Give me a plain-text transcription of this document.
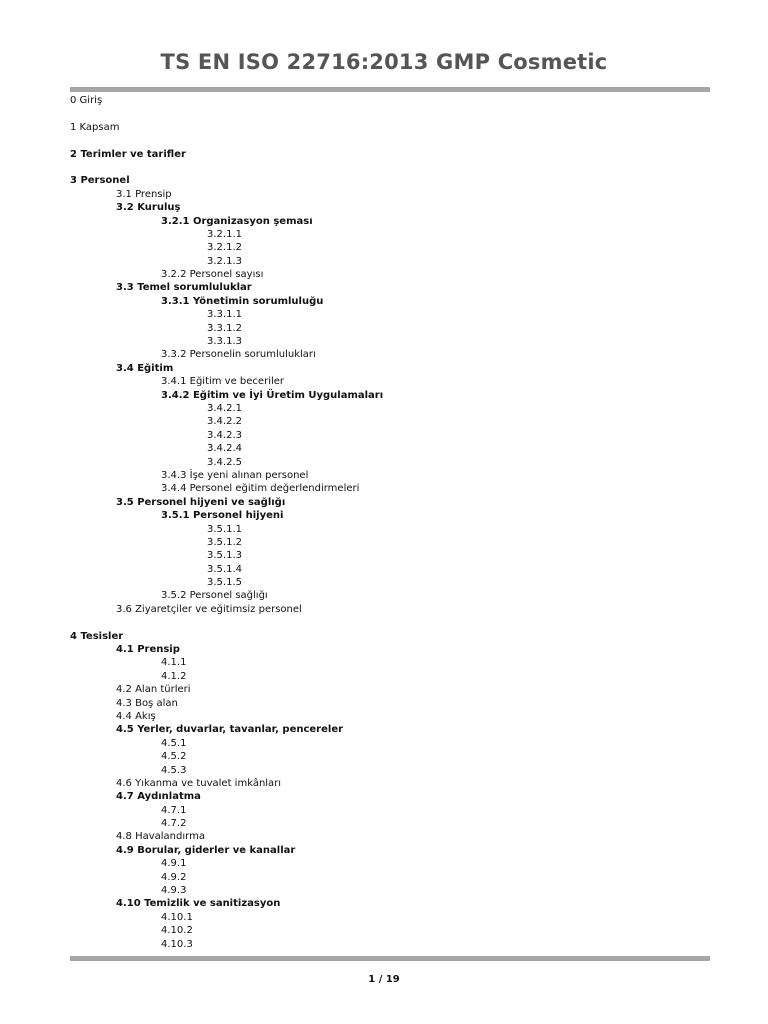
TS EN ISO 22716:2013 GMP Cosmetic
0 Giriş
1 Kapsam
2 Terimler ve tarifler
3 Personel
3.1 Prensip
3.2 Kuruluş
3.2.1 Organizasyon şeması
3.2.1.1
3.2.1.2
3.2.1.3
3.2.2 Personel sayısı
3.3 Temel sorumluluklar
3.3.1 Yönetimin sorumluluğu
3.3.1.1
3.3.1.2
3.3.1.3
3.3.2 Personelin sorumlulukları
3.4 Eğitim
3.4.1 Eğitim ve beceriler
3.4.2 Eğitim ve İyi Üretim Uygulamaları
3.4.2.1
3.4.2.2
3.4.2.3
3.4.2.4
3.4.2.5
3.4.3 İşe yeni alınan personel
3.4.4 Personel eğitim değerlendirmeleri
3.5 Personel hijyeni ve sağlığı
3.5.1 Personel hijyeni
3.5.1.1
3.5.1.2
3.5.1.3
3.5.1.4
3.5.1.5
3.5.2 Personel sağlığı
3.6 Ziyaretçiler ve eğitimsiz personel
4 Tesisler
4.1 Prensip
4.1.1
4.1.2
4.2 Alan türleri
4.3 Boş alan
4.4 Akış
4.5 Yerler, duvarlar, tavanlar, pencereler
4.5.1
4.5.2
4.5.3
4.6 Yıkanma ve tuvalet imkânları
4.7 Aydınlatma
4.7.1
4.7.2
4.8 Havalandırma
4.9 Borular, giderler ve kanallar
4.9.1
4.9.2
4.9.3
4.10 Temizlik ve sanitizasyon
4.10.1
4.10.2
4.10.3
1 / 19
